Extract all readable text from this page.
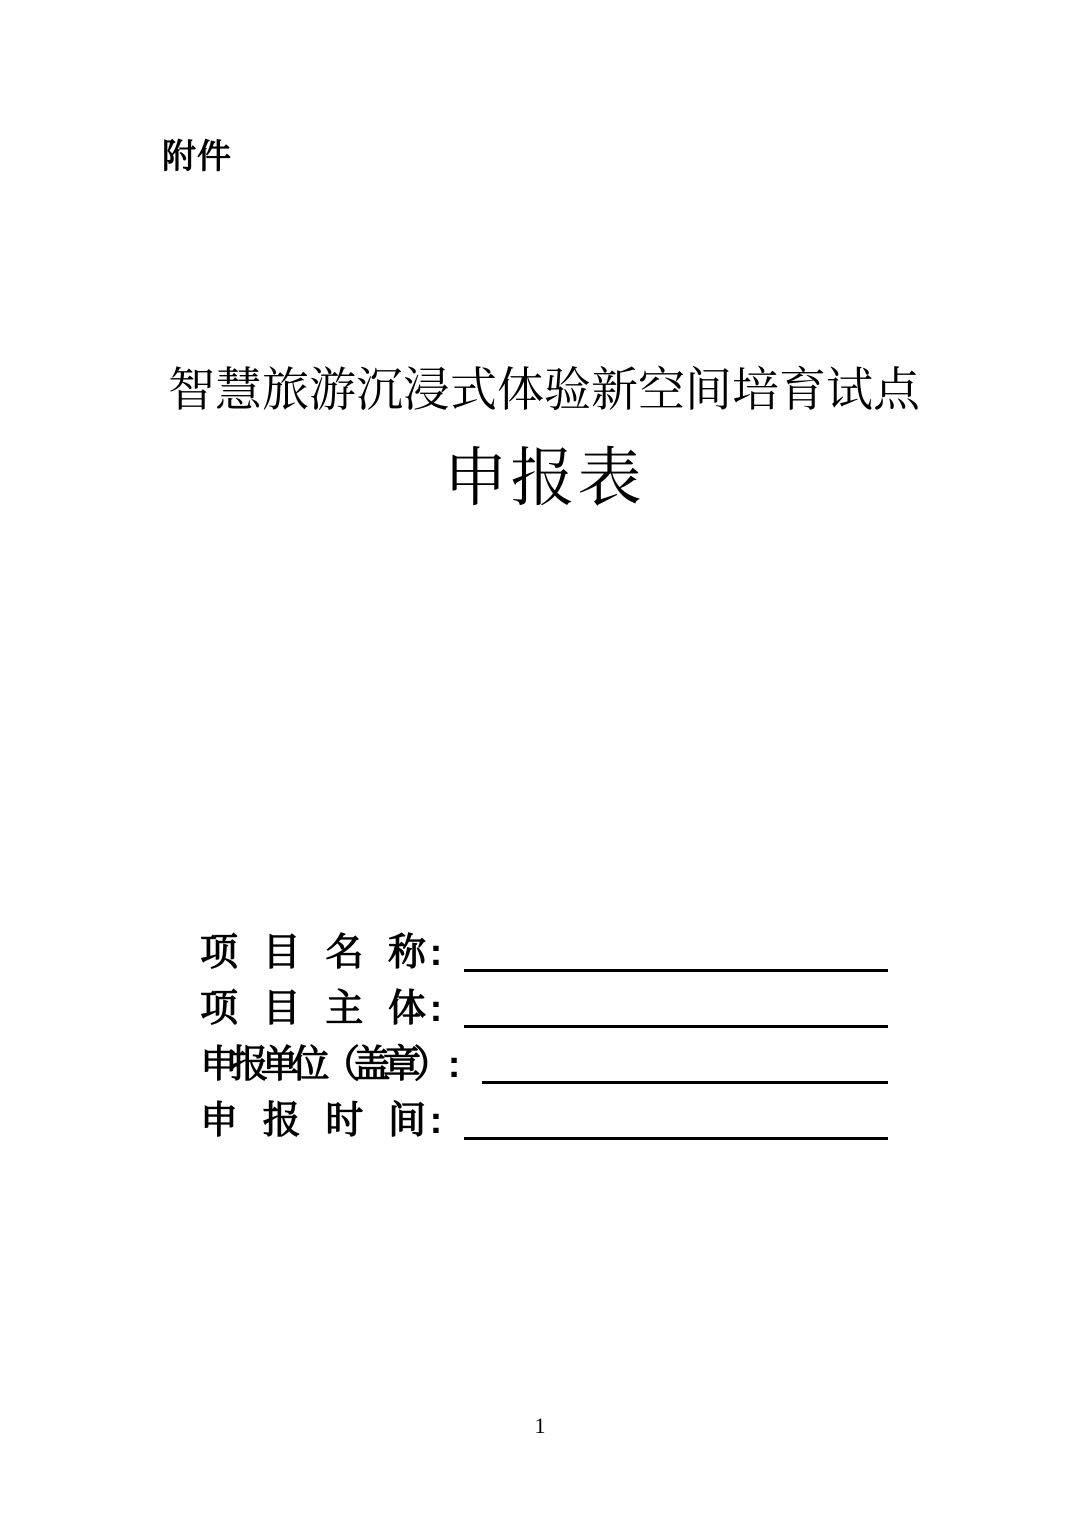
附件
智慧旅游沉浸式体验新空间培育试点
申报表
项 目 名 称 :
项 目 主 体 :
申报单位（盖章） :
申 报 时 间 :
1
